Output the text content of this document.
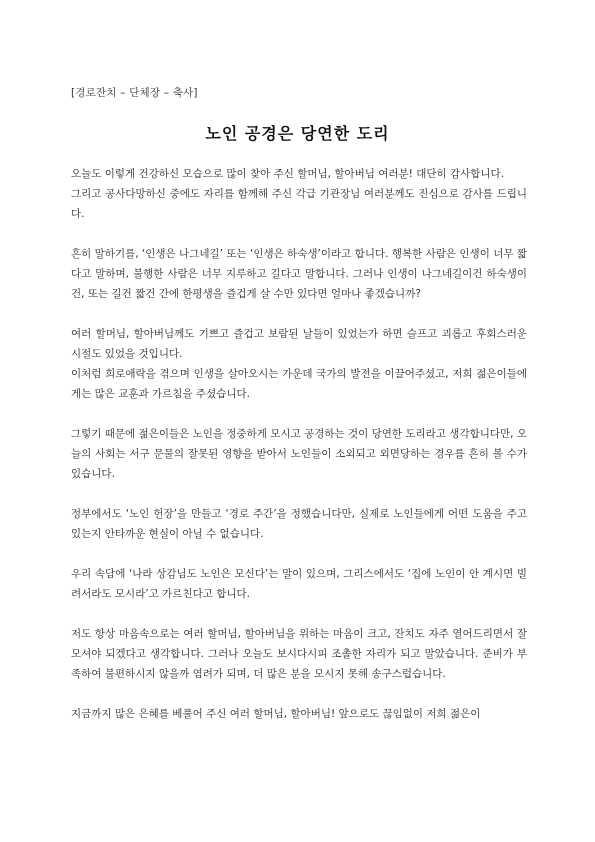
[경로잔치 – 단체장 – 축사]
노인 공경은 당연한 도리

오늘도 이렇게 건강하신 모습으로 많이 찾아 주신 할머님, 할아버님 여러분! 대단히 감사합니다.

그리고 공사다망하신 중에도 자리를 함께해 주신 각급 기관장님 여러분께도 진심으로 감사를 드립니다.

흔히 말하기를, ‘인생은 나그네길’ 또는 ‘인생은 하숙생’이라고 합니다. 행복한 사람은 인생이 너무 짧다고 말하며, 불행한 사람은 너무 지루하고 길다고 말합니다. 그러나 인생이 나그네길이건 하숙생이건, 또는 길건 짧건 간에 한평생을 즐겁게 살 수만 있다면 얼마나 좋겠습니까?

여러 할머님, 할아버님께도 기쁘고 즐겁고 보람된 날들이 있었는가 하면 슬프고 괴롭고 후회스러운 시절도 있었을 것입니다.

이처럼 희로애락을 겪으며 인생을 살아오시는 가운데 국가의 발전을 이끌어주셨고, 저희 젊은이들에게는 많은 교훈과 가르침을 주셨습니다.

그렇기 때문에 젊은이들은 노인을 정중하게 모시고 공경하는 것이 당연한 도리라고 생각합니다만, 오늘의 사회는 서구 문물의 잘못된 영향을 받아서 노인들이 소외되고 외면당하는 경우를 흔히 볼 수가 있습니다.

정부에서도 ‘노인 헌장’을 만들고 ‘경로 주간’을 정했습니다만, 실제로 노인들에게 어떤 도움을 주고 있는지 안타까운 현실이 아닐 수 없습니다.

우리 속담에 ‘나라 상감님도 노인은 모신다’는 말이 있으며, 그리스에서도 ‘집에 노인이 안 계시면 빌려서라도 모시라’고 가르친다고 합니다.

저도 항상 마음속으로는 여러 할머님, 할아버님을 위하는 마음이 크고, 잔치도 자주 열어드리면서 잘 모셔야 되겠다고 생각합니다. 그러나 오늘도 보시다시피 조촐한 자리가 되고 말았습니다. 준비가 부족하여 불편하시지 않을까 염려가 되며, 더 많은 분을 모시지 못해 송구스럽습니다.

지금까지 많은 은혜를 베풀어 주신 여러 할머님, 할아버님! 앞으로도 끊임없이 저희 젊은이
